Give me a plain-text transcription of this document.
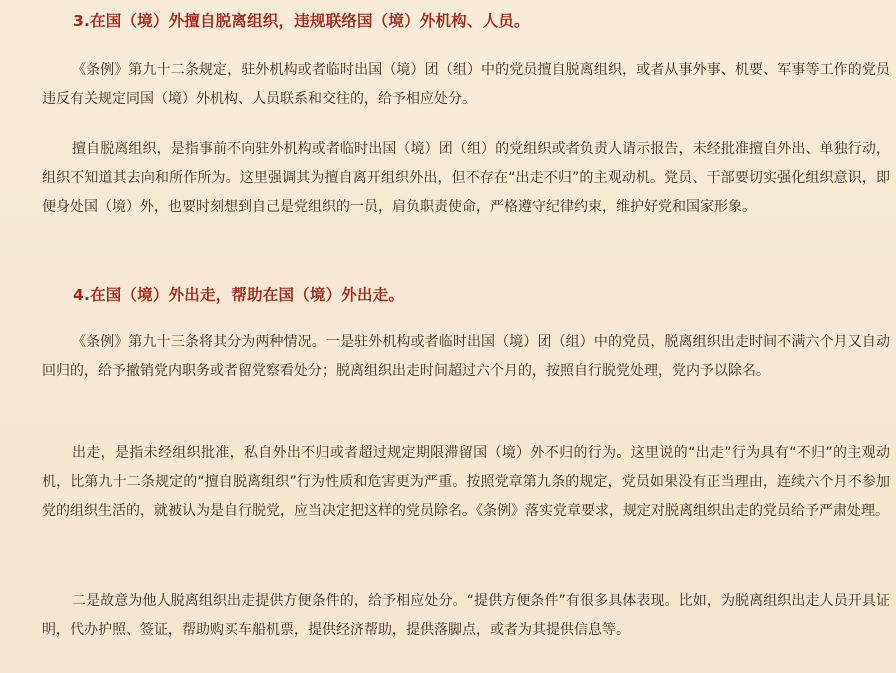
3.在国（境）外擅自脱离组织，违规联络国（境）外机构、人员。

《条例》第九十二条规定，驻外机构或者临时出国（境）团（组）中的党员擅自脱离组织，或者从事外事、机要、军事等工作的党员违反有关规定同国（境）外机构、人员联系和交往的，给予相应处分。

擅自脱离组织，是指事前不向驻外机构或者临时出国（境）团（组）的党组织或者负责人请示报告，未经批准擅自外出、单独行动，组织不知道其去向和所作所为。这里强调其为擅自离开组织外出，但不存在“出走不归”的主观动机。党员、干部要切实强化组织意识，即便身处国（境）外，也要时刻想到自己是党组织的一员，肩负职责使命，严格遵守纪律约束，维护好党和国家形象。

4.在国（境）外出走，帮助在国（境）外出走。

《条例》第九十三条将其分为两种情况。一是驻外机构或者临时出国（境）团（组）中的党员，脱离组织出走时间不满六个月又自动回归的，给予撤销党内职务或者留党察看处分；脱离组织出走时间超过六个月的，按照自行脱党处理，党内予以除名。

出走，是指未经组织批准，私自外出不归或者超过规定期限滞留国（境）外不归的行为。这里说的“出走”行为具有“不归”的主观动机，比第九十二条规定的“擅自脱离组织”行为性质和危害更为严重。按照党章第九条的规定，党员如果没有正当理由，连续六个月不参加党的组织生活的，就被认为是自行脱党，应当决定把这样的党员除名。《条例》落实党章要求，规定对脱离组织出走的党员给予严肃处理。

二是故意为他人脱离组织出走提供方便条件的，给予相应处分。“提供方便条件”有很多具体表现。比如，为脱离组织出走人员开具证明，代办护照、签证，帮助购买车船机票，提供经济帮助，提供落脚点，或者为其提供信息等。
